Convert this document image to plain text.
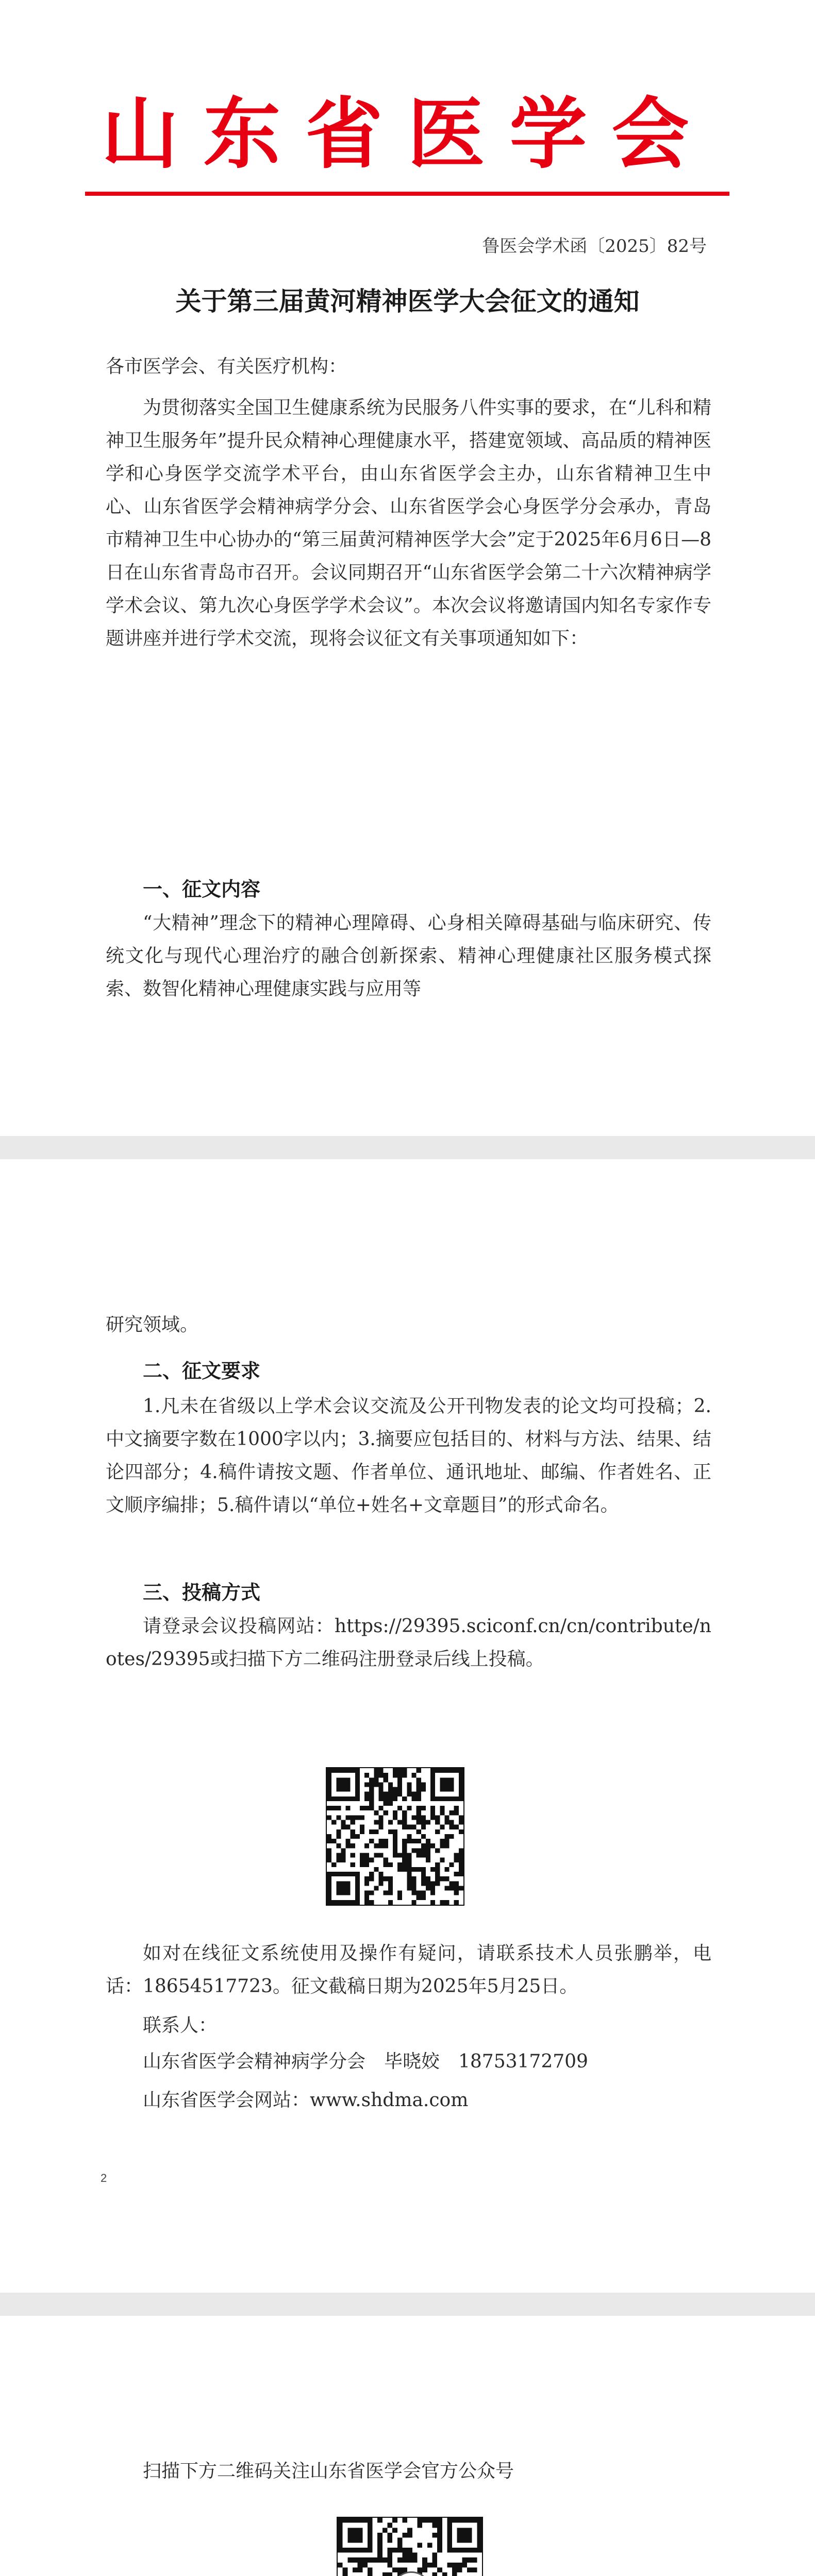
山东省医学会
鲁医会学术函〔2025〕82号
关于第三届黄河精神医学大会征文的通知
各市医学会、有关医疗机构：
为贯彻落实全国卫生健康系统为民服务八件实事的要求，在“儿科和精神卫生服务年”提升民众精神心理健康水平，搭建宽领域、高品质的精神医学和心身医学交流学术平台，由山东省医学会主办，山东省精神卫生中心、山东省医学会精神病学分会、山东省医学会心身医学分会承办，青岛市精神卫生中心协办的“第三届黄河精神医学大会”定于2025年6月6日—8日在山东省青岛市召开。会议同期召开“山东省医学会第二十六次精神病学学术会议、第九次心身医学学术会议”。本次会议将邀请国内知名专家作专题讲座并进行学术交流，现将会议征文有关事项通知如下：
一、征文内容
“大精神”理念下的精神心理障碍、心身相关障碍基础与临床研究、传统文化与现代心理治疗的融合创新探索、精神心理健康社区服务模式探索、数智化精神心理健康实践与应用等
研究领域。
二、征文要求
1.凡未在省级以上学术会议交流及公开刊物发表的论文均可投稿；2.中文摘要字数在1000字以内；3.摘要应包括目的、材料与方法、结果、结论四部分；4.稿件请按文题、作者单位、通讯地址、邮编、作者姓名、正文顺序编排；5.稿件请以“单位+姓名+文章题目”的形式命名。
三、投稿方式
请登录会议投稿网站：https://29395.sciconf.cn/cn/contribute/notes/29395或扫描下方二维码注册登录后线上投稿。
如对在线征文系统使用及操作有疑问，请联系技术人员张鹏举，电话：18654517723。征文截稿日期为2025年5月25日。
联系人：
山东省医学会精神病学分会　毕晓姣　18753172709
山东省医学会网站：www.shdma.com
2
扫描下方二维码关注山东省医学会官方公众号
